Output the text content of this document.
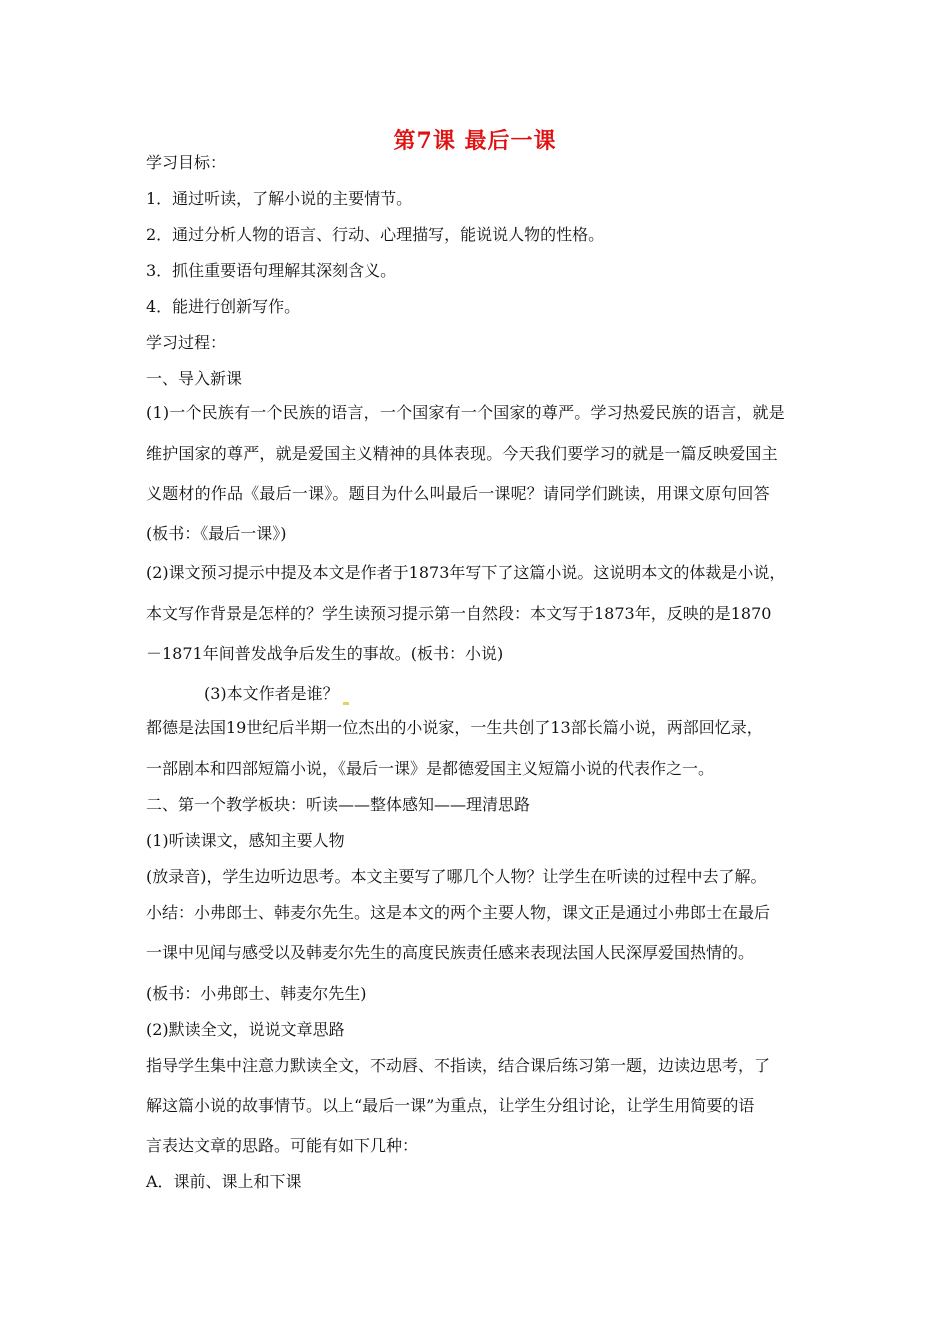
第7课 最后一课
学习目标：
1．通过听读，了解小说的主要情节。
2．通过分析人物的语言、行动、心理描写，能说说人物的性格。
3．抓住重要语句理解其深刻含义。
4．能进行创新写作。
学习过程：
一、导入新课
(1)一个民族有一个民族的语言，一个国家有一个国家的尊严。学习热爱民族的语言，就是
维护国家的尊严，就是爱国主义精神的具体表现。今天我们要学习的就是一篇反映爱国主
义题材的作品《最后一课》。题目为什么叫最后一课呢？请同学们跳读，用课文原句回答
(板书：《最后一课》)
(2)课文预习提示中提及本文是作者于1873年写下了这篇小说。这说明本文的体裁是小说，
本文写作背景是怎样的？学生读预习提示第一自然段：本文写于1873年，反映的是1870
－1871年间普发战争后发生的事故。(板书：小说)
(3)本文作者是谁？
都德是法国19世纪后半期一位杰出的小说家，一生共创了13部长篇小说，两部回忆录，
一部剧本和四部短篇小说，《最后一课》是都德爱国主义短篇小说的代表作之一。
二、第一个教学板块：听读——整体感知——理清思路
(1)听读课文，感知主要人物
(放录音)，学生边听边思考。本文主要写了哪几个人物？让学生在听读的过程中去了解。
小结：小弗郎士、韩麦尔先生。这是本文的两个主要人物，课文正是通过小弗郎士在最后
一课中见闻与感受以及韩麦尔先生的高度民族责任感来表现法国人民深厚爱国热情的。
(板书：小弗郎士、韩麦尔先生)
(2)默读全文，说说文章思路
指导学生集中注意力默读全文，不动唇、不指读，结合课后练习第一题，边读边思考，了
解这篇小说的故事情节。以上“最后一课”为重点，让学生分组讨论，让学生用简要的语
言表达文章的思路。可能有如下几种：
A．课前、课上和下课
